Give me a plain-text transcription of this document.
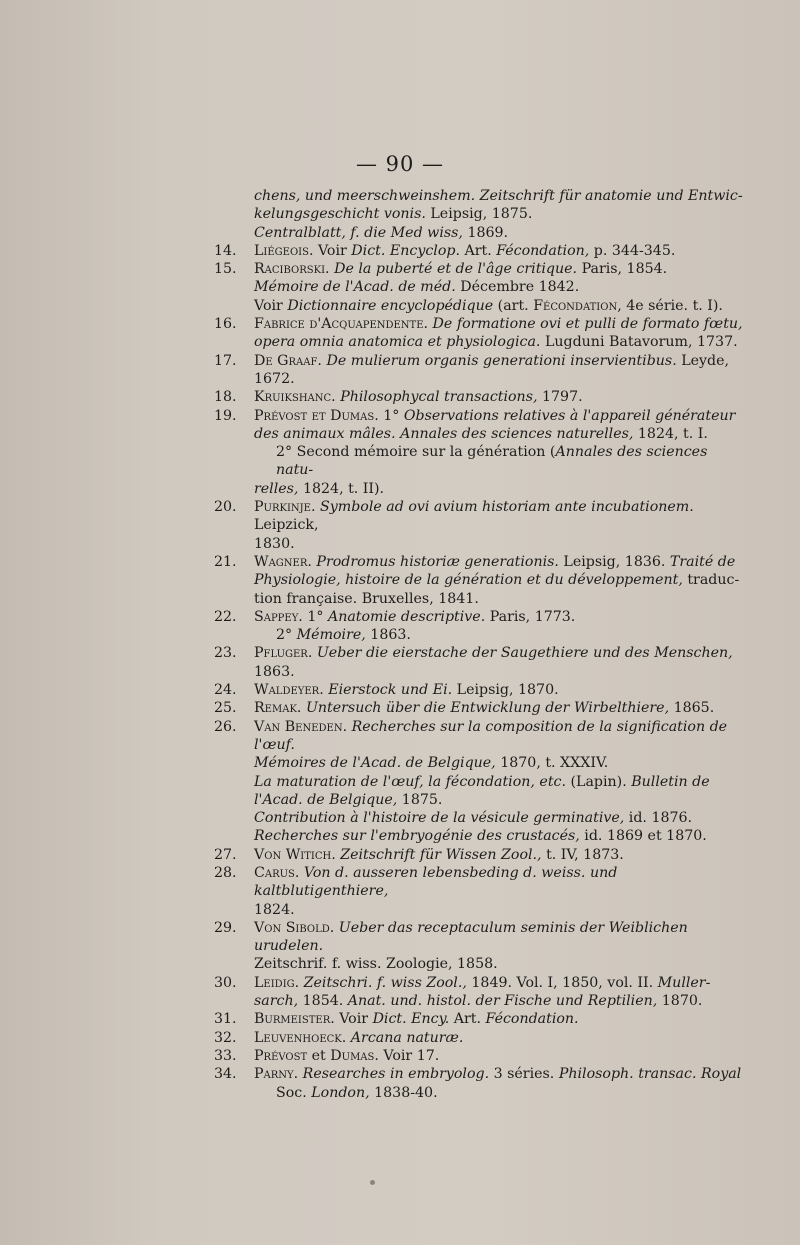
— 90 —
chens, und meerschweinshem. Zeitschrift für anatomie und Entwic-
kelungsgeschicht vonis. Leipsig, 1875.
Centralblatt, f. die Med wiss, 1869.
14.	Liégeois. Voir Dict. Encyclop. Art. Fécondation, p. 344-345.
15.	Raciborski. De la puberté et de l'âge critique. Paris, 1854.
Mémoire de l'Acad. de méd. Décembre 1842.
Voir Dictionnaire encyclopédique (art. Fécondation, 4e série. t. I).
16.	Fabrice d'Acquapendente. De formatione ovi et pulli de formato fœtu,
opera omnia anatomica et physiologica. Lugduni Batavorum, 1737.
17.	De Graaf. De mulierum organis generationi inservientibus. Leyde,
1672.
18.	Kruikshanc. Philosophycal transactions, 1797.
19.	Prévost et Dumas. 1° Observations relatives à l'appareil générateur
des animaux mâles. Annales des sciences naturelles, 1824, t. I.
2° Second mémoire sur la génération (Annales des sciences natu-
relles, 1824, t. II).
20.	Purkinje. Symbole ad ovi avium historiam ante incubationem. Leipzick,
1830.
21.	Wagner. Prodromus historiæ generationis. Leipsig, 1836. Traité de
Physiologie, histoire de la génération et du développement, traduc-
tion française. Bruxelles, 1841.
22.	Sappey. 1° Anatomie descriptive. Paris, 1773.
2° Mémoire, 1863.
23.	Pfluger. Ueber die eierstache der Saugethiere und des Menschen, 1863.
24.	Waldeyer. Eierstock und Ei. Leipsig, 1870.
25.	Remak. Untersuch über die Entwicklung der Wirbelthiere, 1865.
26.	Van Beneden. Recherches sur la composition de la signification de l'œuf.
Mémoires de l'Acad. de Belgique, 1870, t. XXXIV.
La maturation de l'œuf, la fécondation, etc. (Lapin). Bulletin de
l'Acad. de Belgique, 1875.
Contribution à l'histoire de la vésicule germinative, id. 1876.
Recherches sur l'embryogénie des crustacés, id. 1869 et 1870.
27.	Von Witich. Zeitschrift für Wissen Zool., t. IV, 1873.
28.	Carus. Von d. ausseren lebensbeding d. weiss. und kaltblutigenthiere,
1824.
29.	Von Sibold. Ueber das receptaculum seminis der Weiblichen urudelen.
Zeitschrif. f. wiss. Zoologie, 1858.
30.	Leidig. Zeitschri. f. wiss Zool., 1849. Vol. I, 1850, vol. II. Muller-
sarch, 1854. Anat. und. histol. der Fische und Reptilien, 1870.
31.	Burmeister. Voir Dict. Ency. Art. Fécondation.
32.	Leuvenhoeck. Arcana naturæ.
33.	Prévost et Dumas. Voir 17.
34.	Parny. Researches in embryolog. 3 séries. Philosoph. transac. Royal
Soc. London, 1838-40.
